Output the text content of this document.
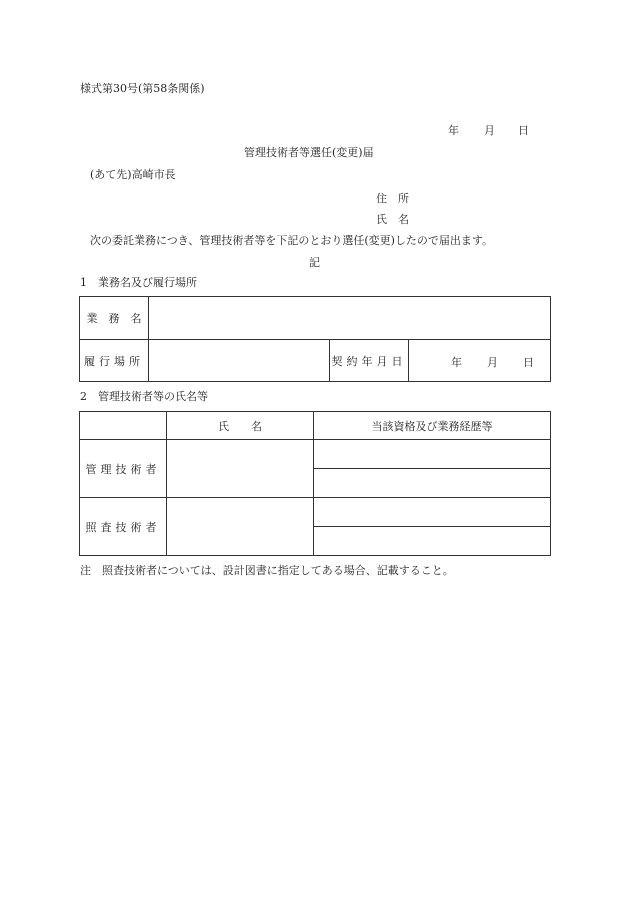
様式第30号(第58条関係)
年 月 日
管理技術者等選任(変更)届
(あて先)高崎市長
住　所
氏　名
次の委託業務につき、管理技術者等を下記のとおり選任(変更)したので届出ます。
記
1　業務名及び履行場所
業　務　名			
履行場所		契約年月日	年 月 日
2　管理技術者等の氏名等
	氏　　名	当該資格及び業務経歴等
管理技術者		

照査技術者		

注　照査技術者については、設計図書に指定してある場合、記載すること。
